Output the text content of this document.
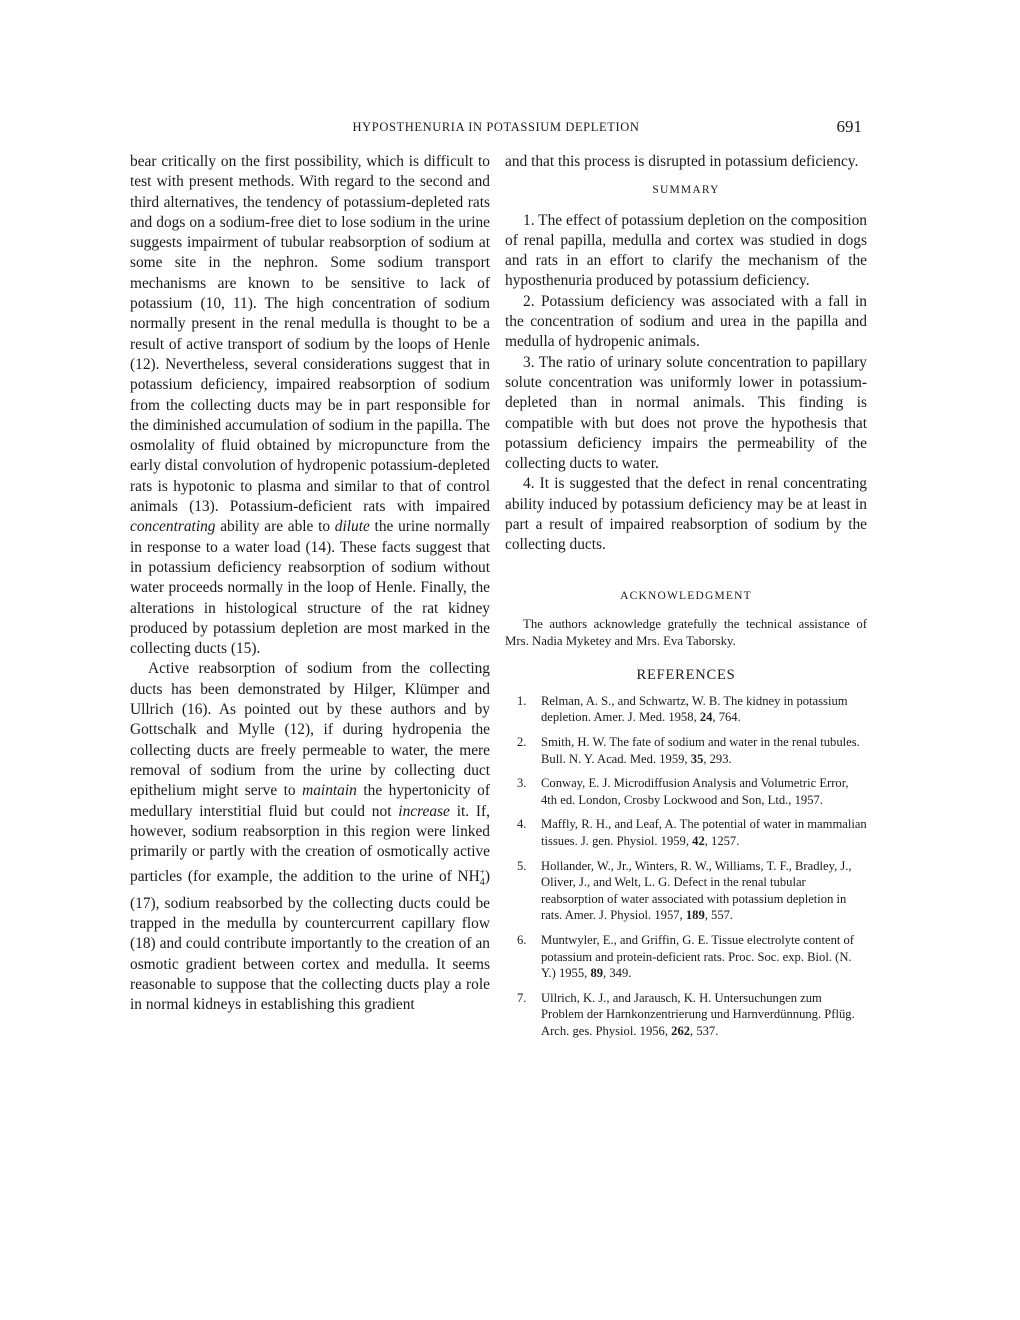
HYPOSTHENURIA IN POTASSIUM DEPLETION	691

bear critically on the first possibility, which is difficult to test with present methods. With regard to the second and third alternatives, the tendency of potassium-depleted rats and dogs on a sodium-free diet to lose sodium in the urine suggests impairment of tubular reabsorption of sodium at some site in the nephron. Some sodium transport mechanisms are known to be sensitive to lack of potassium (10, 11). The high concentration of sodium normally present in the renal medulla is thought to be a result of active transport of sodium by the loops of Henle (12). Nevertheless, several considerations suggest that in potassium deficiency, impaired reabsorption of sodium from the collecting ducts may be in part responsible for the diminished accumulation of sodium in the papilla. The osmolality of fluid obtained by micropuncture from the early distal convolution of hydropenic potassium-depleted rats is hypotonic to plasma and similar to that of control animals (13). Potassium-deficient rats with impaired concentrating ability are able to dilute the urine normally in response to a water load (14). These facts suggest that in potassium deficiency reabsorption of sodium without water proceeds normally in the loop of Henle. Finally, the alterations in histological structure of the rat kidney produced by potassium depletion are most marked in the collecting ducts (15).

Active reabsorption of sodium from the collecting ducts has been demonstrated by Hilger, Klümper and Ullrich (16). As pointed out by these authors and by Gottschalk and Mylle (12), if during hydropenia the collecting ducts are freely permeable to water, the mere removal of sodium from the urine by collecting duct epithelium might serve to maintain the hypertonicity of medullary interstitial fluid but could not increase it. If, however, sodium reabsorption in this region were linked primarily or partly with the creation of osmotically active particles (for example, the addition to the urine of $NH_4^+$) (17), sodium reabsorbed by the collecting ducts could be trapped in the medulla by countercurrent capillary flow (18) and could contribute importantly to the creation of an osmotic gradient between cortex and medulla. It seems reasonable to suppose that the collecting ducts play a role in normal kidneys in establishing this gradient

and that this process is disrupted in potassium deficiency.

SUMMARY

1. The effect of potassium depletion on the composition of renal papilla, medulla and cortex was studied in dogs and rats in an effort to clarify the mechanism of the hyposthenuria produced by potassium deficiency.

2. Potassium deficiency was associated with a fall in the concentration of sodium and urea in the papilla and medulla of hydropenic animals.

3. The ratio of urinary solute concentration to papillary solute concentration was uniformly lower in potassium-depleted than in normal animals. This finding is compatible with but does not prove the hypothesis that potassium deficiency impairs the permeability of the collecting ducts to water.

4. It is suggested that the defect in renal concentrating ability induced by potassium deficiency may be at least in part a result of impaired reabsorption of sodium by the collecting ducts.

ACKNOWLEDGMENT

The authors acknowledge gratefully the technical assistance of Mrs. Nadia Myketey and Mrs. Eva Taborsky.

REFERENCES
1. Relman, A. S., and Schwartz, W. B. The kidney in potassium depletion. Amer. J. Med. 1958, 24, 764.
2. Smith, H. W. The fate of sodium and water in the renal tubules. Bull. N. Y. Acad. Med. 1959, 35, 293.
3. Conway, E. J. Microdiffusion Analysis and Volumetric Error, 4th ed. London, Crosby Lockwood and Son, Ltd., 1957.
4. Maffly, R. H., and Leaf, A. The potential of water in mammalian tissues. J. gen. Physiol. 1959, 42, 1257.
5. Hollander, W., Jr., Winters, R. W., Williams, T. F., Bradley, J., Oliver, J., and Welt, L. G. Defect in the renal tubular reabsorption of water associated with potassium depletion in rats. Amer. J. Physiol. 1957, 189, 557.
6. Muntwyler, E., and Griffin, G. E. Tissue electrolyte content of potassium and protein-deficient rats. Proc. Soc. exp. Biol. (N. Y.) 1955, 89, 349.
7. Ullrich, K. J., and Jarausch, K. H. Untersuchungen zum Problem der Harnkonzentrierung und Harnverdünnung. Pflüg. Arch. ges. Physiol. 1956, 262, 537.
